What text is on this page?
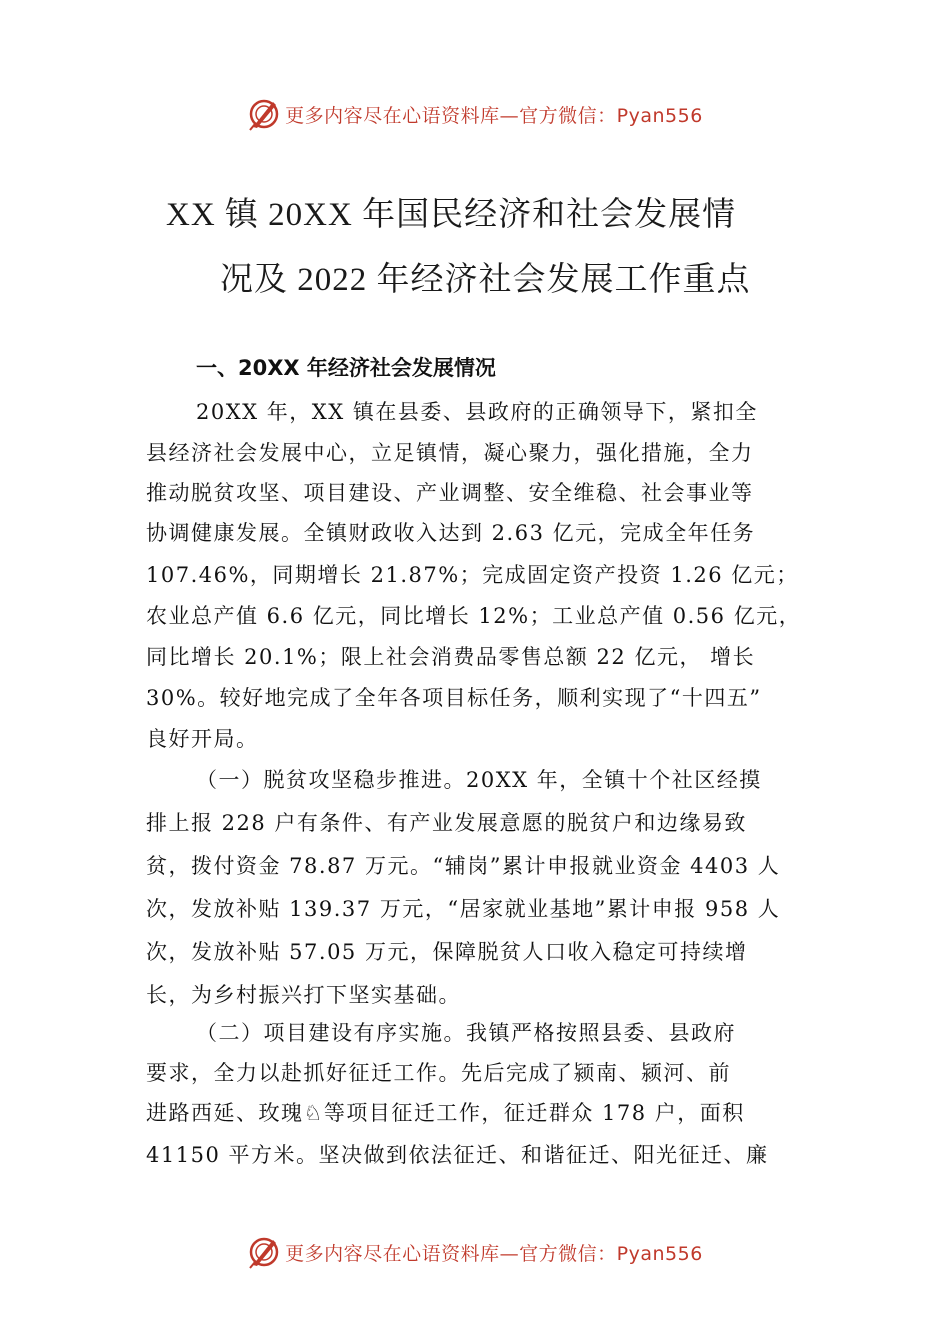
更多内容尽在心语资料库—官方微信：Pyan556
XX 镇 20XX 年国民经济和社会发展情
况及 2022 年经济社会发展工作重点
一、20XX 年经济社会发展情况
20XX 年，XX 镇在县委、县政府的正确领导下，紧扣全
县经济社会发展中心，立足镇情，凝心聚力，强化措施，全力
推动脱贫攻坚、项目建设、产业调整、安全维稳、社会事业等
协调健康发展。全镇财政收入达到 2.63 亿元，完成全年任务
107.46%，同期增长 21.87%；完成固定资产投资 1.26 亿元；
农业总产值 6.6 亿元，同比增长 12%；工业总产值 0.56 亿元，
同比增长 20.1%；限上社会消费品零售总额 22 亿元， 增长
30%。较好地完成了全年各项目标任务，顺利实现了“十四五”
良好开局。
（一）脱贫攻坚稳步推进。20XX 年，全镇十个社区经摸
排上报 228 户有条件、有产业发展意愿的脱贫户和边缘易致
贫，拨付资金 78.87 万元。“辅岗”累计申报就业资金 4403 人
次，发放补贴 139.37 万元，“居家就业基地”累计申报 958 人
次，发放补贴 57.05 万元，保障脱贫人口收入稳定可持续增
长，为乡村振兴打下坚实基础。
（二）项目建设有序实施。我镇严格按照县委、县政府
要求，全力以赴抓好征迁工作。先后完成了颍南、颍河、前
进路西延、玫瑰♘等项目征迁工作，征迁群众 178 户，面积
41150 平方米。坚决做到依法征迁、和谐征迁、阳光征迁、廉
更多内容尽在心语资料库—官方微信：Pyan556
